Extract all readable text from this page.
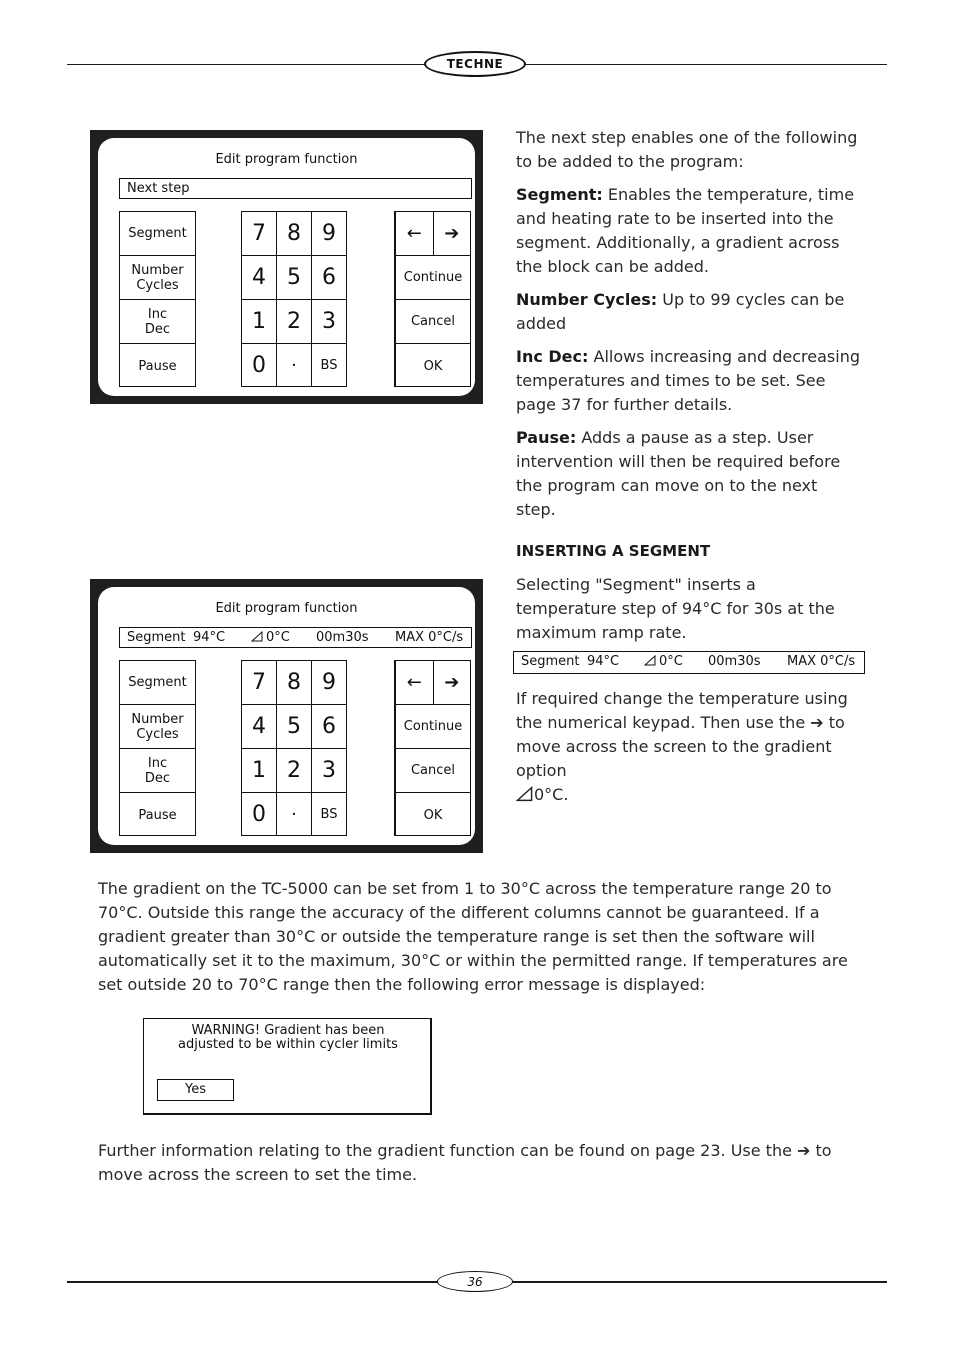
TECHNE
Edit program function
Next step
Segment
Number
Cycles
Inc
Dec
Pause
7 8 9
4 5 6
1 2 3
0	·	BS
←	➔
Continue
Cancel
OK
The next step enables one of the following to be added to the program:
Segment: Enables the temperature, time and heating rate to be inserted into the segment. Additionally, a gradient across the block can be added.
Number Cycles: Up to 99 cycles can be added
Inc Dec: Allows increasing and decreasing temperatures and times to be set. See page 37 for further details.
Pause: Adds a pause as a step. User intervention will then be required before the program can move on to the next step.
INSERTING A SEGMENT
Selecting "Segment" inserts a temperature step of 94°C for 30s at the maximum ramp rate.
Segment 94°C	0°C 00m30s MAX 0°C/s
If required change the temperature using the numerical keypad. Then use the ➔ to move across the screen to the gradient option
0°C.
Edit program function
Segment 94°C	0°C 00m30s MAX 0°C/s
Segment
Number
Cycles
Inc
Dec
Pause
7 8 9
4 5 6
1 2 3
0	·	BS
←	➔
Continue
Cancel
OK
The gradient on the TC-5000 can be set from 1 to 30°C across the temperature range 20 to 70°C. Outside this range the accuracy of the different columns cannot be guaranteed. If a gradient greater than 30°C or outside the temperature range is set then the software will automatically set it to the maximum, 30°C or within the permitted range. If temperatures are set outside 20 to 70°C range then the following error message is displayed:
WARNING! Gradient has been adjusted to be within cycler limits
Yes
Further information relating to the gradient function can be found on page 23. Use the ➔ to move across the screen to set the time.
36
